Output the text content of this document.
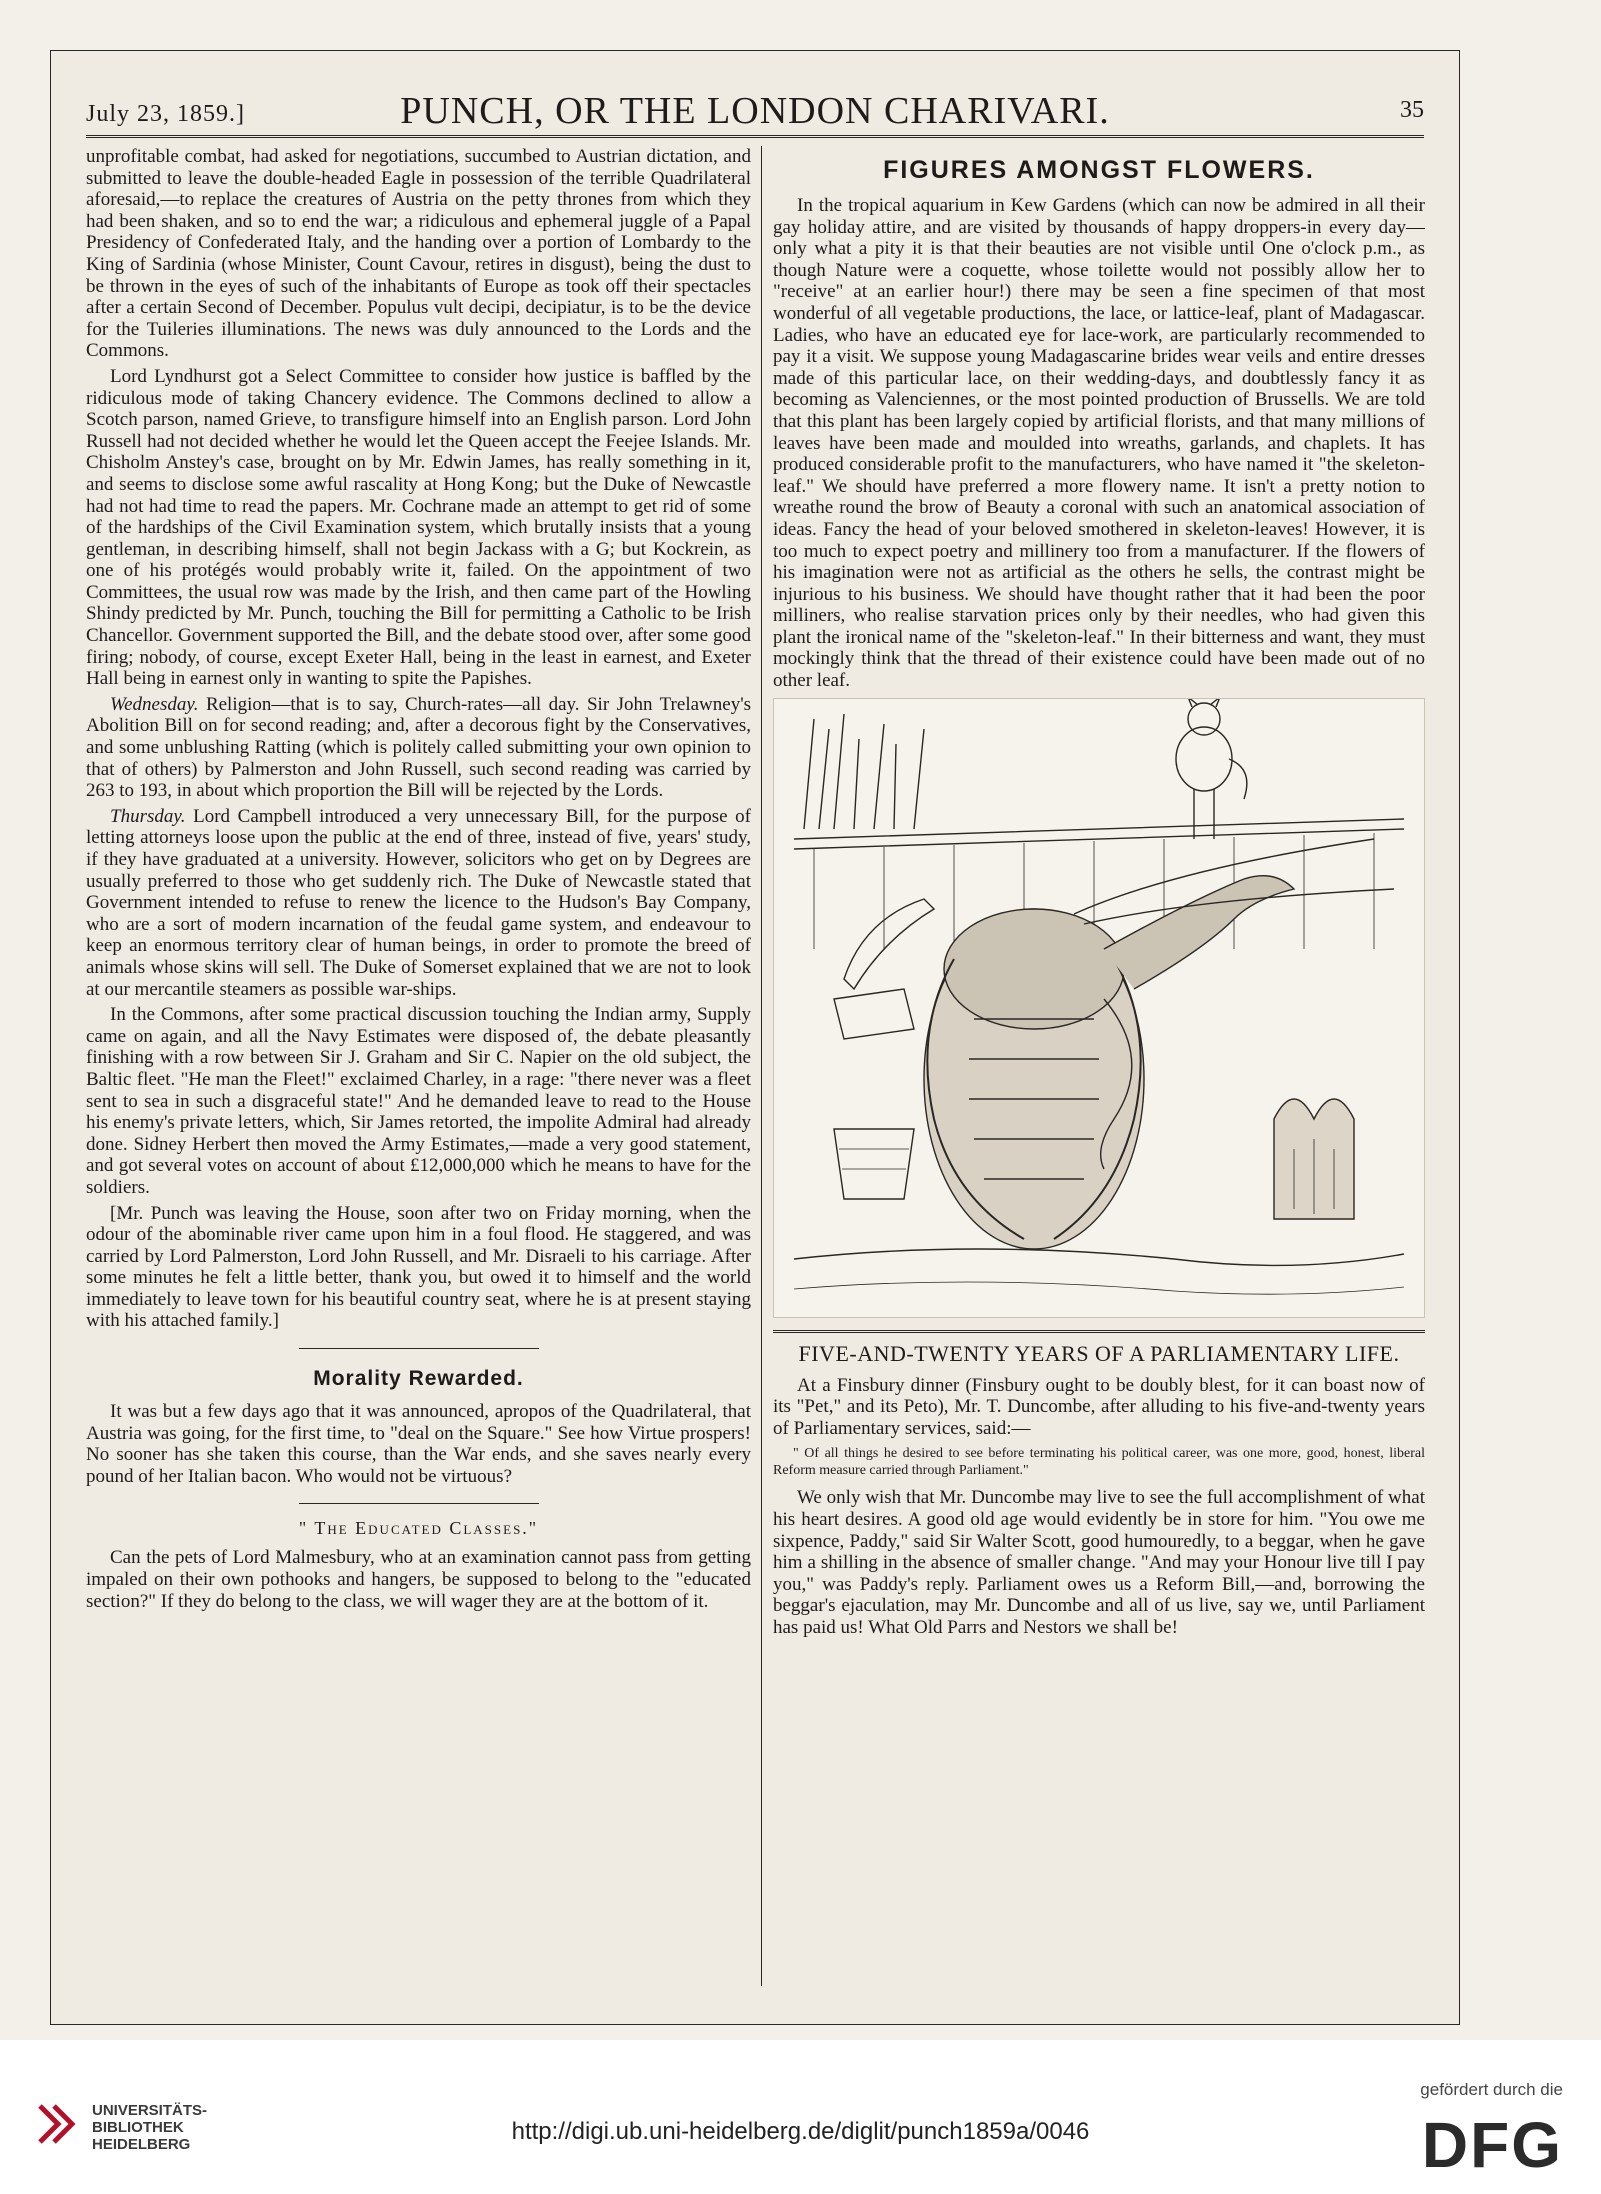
July 23, 1859.]	PUNCH, OR THE LONDON CHARIVARI.	35

unprofitable combat, had asked for negotiations, succumbed to Austrian dictation, and submitted to leave the double-headed Eagle in possession of the terrible Quadrilateral aforesaid,—to replace the creatures of Austria on the petty thrones from which they had been shaken, and so to end the war; a ridiculous and ephemeral juggle of a Papal Presidency of Confederated Italy, and the handing over a portion of Lombardy to the King of Sardinia (whose Minister, Count Cavour, retires in disgust), being the dust to be thrown in the eyes of such of the inhabitants of Europe as took off their spectacles after a certain Second of December. Populus vult decipi, decipiatur, is to be the device for the Tuileries illuminations. The news was duly announced to the Lords and the Commons.

Lord Lyndhurst got a Select Committee to consider how justice is baffled by the ridiculous mode of taking Chancery evidence. The Commons declined to allow a Scotch parson, named Grieve, to transfigure himself into an English parson. Lord John Russell had not decided whether he would let the Queen accept the Feejee Islands. Mr. Chisholm Anstey's case, brought on by Mr. Edwin James, has really something in it, and seems to disclose some awful rascality at Hong Kong; but the Duke of Newcastle had not had time to read the papers. Mr. Cochrane made an attempt to get rid of some of the hardships of the Civil Examination system, which brutally insists that a young gentleman, in describing himself, shall not begin Jackass with a G; but Kockrein, as one of his protégés would probably write it, failed. On the appointment of two Committees, the usual row was made by the Irish, and then came part of the Howling Shindy predicted by Mr. Punch, touching the Bill for permitting a Catholic to be Irish Chancellor. Government supported the Bill, and the debate stood over, after some good firing; nobody, of course, except Exeter Hall, being in the least in earnest, and Exeter Hall being in earnest only in wanting to spite the Papishes.

Wednesday. Religion—that is to say, Church-rates—all day. Sir John Trelawney's Abolition Bill on for second reading; and, after a decorous fight by the Conservatives, and some unblushing Ratting (which is politely called submitting your own opinion to that of others) by Palmerston and John Russell, such second reading was carried by 263 to 193, in about which proportion the Bill will be rejected by the Lords.

Thursday. Lord Campbell introduced a very unnecessary Bill, for the purpose of letting attorneys loose upon the public at the end of three, instead of five, years' study, if they have graduated at a university. However, solicitors who get on by Degrees are usually preferred to those who get suddenly rich. The Duke of Newcastle stated that Government intended to refuse to renew the licence to the Hudson's Bay Company, who are a sort of modern incarnation of the feudal game system, and endeavour to keep an enormous territory clear of human beings, in order to promote the breed of animals whose skins will sell. The Duke of Somerset explained that we are not to look at our mercantile steamers as possible war-ships.

In the Commons, after some practical discussion touching the Indian army, Supply came on again, and all the Navy Estimates were disposed of, the debate pleasantly finishing with a row between Sir J. Graham and Sir C. Napier on the old subject, the Baltic fleet. "He man the Fleet!" exclaimed Charley, in a rage: "there never was a fleet sent to sea in such a disgraceful state!" And he demanded leave to read to the House his enemy's private letters, which, Sir James retorted, the impolite Admiral had already done. Sidney Herbert then moved the Army Estimates,—made a very good statement, and got several votes on account of about £12,000,000 which he means to have for the soldiers.

[Mr. Punch was leaving the House, soon after two on Friday morning, when the odour of the abominable river came upon him in a foul flood. He staggered, and was carried by Lord Palmerston, Lord John Russell, and Mr. Disraeli to his carriage. After some minutes he felt a little better, thank you, but owed it to himself and the world immediately to leave town for his beautiful country seat, where he is at present staying with his attached family.]

Morality Rewarded.

It was but a few days ago that it was announced, apropos of the Quadrilateral, that Austria was going, for the first time, to "deal on the Square." See how Virtue prospers! No sooner has she taken this course, than the War ends, and she saves nearly every pound of her Italian bacon. Who would not be virtuous?

" The Educated Classes."

Can the pets of Lord Malmesbury, who at an examination cannot pass from getting impaled on their own pothooks and hangers, be supposed to belong to the "educated section?" If they do belong to the class, we will wager they are at the bottom of it.

FIGURES AMONGST FLOWERS.

In the tropical aquarium in Kew Gardens (which can now be admired in all their gay holiday attire, and are visited by thousands of happy droppers-in every day—only what a pity it is that their beauties are not visible until One o'clock p.m., as though Nature were a coquette, whose toilette would not possibly allow her to "receive" at an earlier hour!) there may be seen a fine specimen of that most wonderful of all vegetable productions, the lace, or lattice-leaf, plant of Madagascar. Ladies, who have an educated eye for lace-work, are particularly recommended to pay it a visit. We suppose young Madagascarine brides wear veils and entire dresses made of this particular lace, on their wedding-days, and doubtlessly fancy it as becoming as Valenciennes, or the most pointed production of Brussells. We are told that this plant has been largely copied by artificial florists, and that many millions of leaves have been made and moulded into wreaths, garlands, and chaplets. It has produced considerable profit to the manufacturers, who have named it "the skeleton-leaf." We should have preferred a more flowery name. It isn't a pretty notion to wreathe round the brow of Beauty a coronal with such an anatomical association of ideas. Fancy the head of your beloved smothered in skeleton-leaves! However, it is too much to expect poetry and millinery too from a manufacturer. If the flowers of his imagination were not as artificial as the others he sells, the contrast might be injurious to his business. We should have thought rather that it had been the poor milliners, who realise starvation prices only by their needles, who had given this plant the ironical name of the "skeleton-leaf." In their bitterness and want, they must mockingly think that the thread of their existence could have been made out of no other leaf.

FIVE-AND-TWENTY YEARS OF A PARLIAMENTARY LIFE.

At a Finsbury dinner (Finsbury ought to be doubly blest, for it can boast now of its "Pet," and its Peto), Mr. T. Duncombe, after alluding to his five-and-twenty years of Parliamentary services, said:—

" Of all things he desired to see before terminating his political career, was one more, good, honest, liberal Reform measure carried through Parliament."

We only wish that Mr. Duncombe may live to see the full accomplishment of what his heart desires. A good old age would evidently be in store for him. "You owe me sixpence, Paddy," said Sir Walter Scott, good humouredly, to a beggar, when he gave him a shilling in the absence of smaller change. "And may your Honour live till I pay you," was Paddy's reply. Parliament owes us a Reform Bill,—and, borrowing the beggar's ejaculation, may Mr. Duncombe and all of us live, say we, until Parliament has paid us! What Old Parrs and Nestors we shall be!

UNIVERSITÄTS-
BIBLIOTHEK
HEIDELBERG	http://digi.ub.uni-heidelberg.de/diglit/punch1859a/0046
gefördert durch die
DFG
